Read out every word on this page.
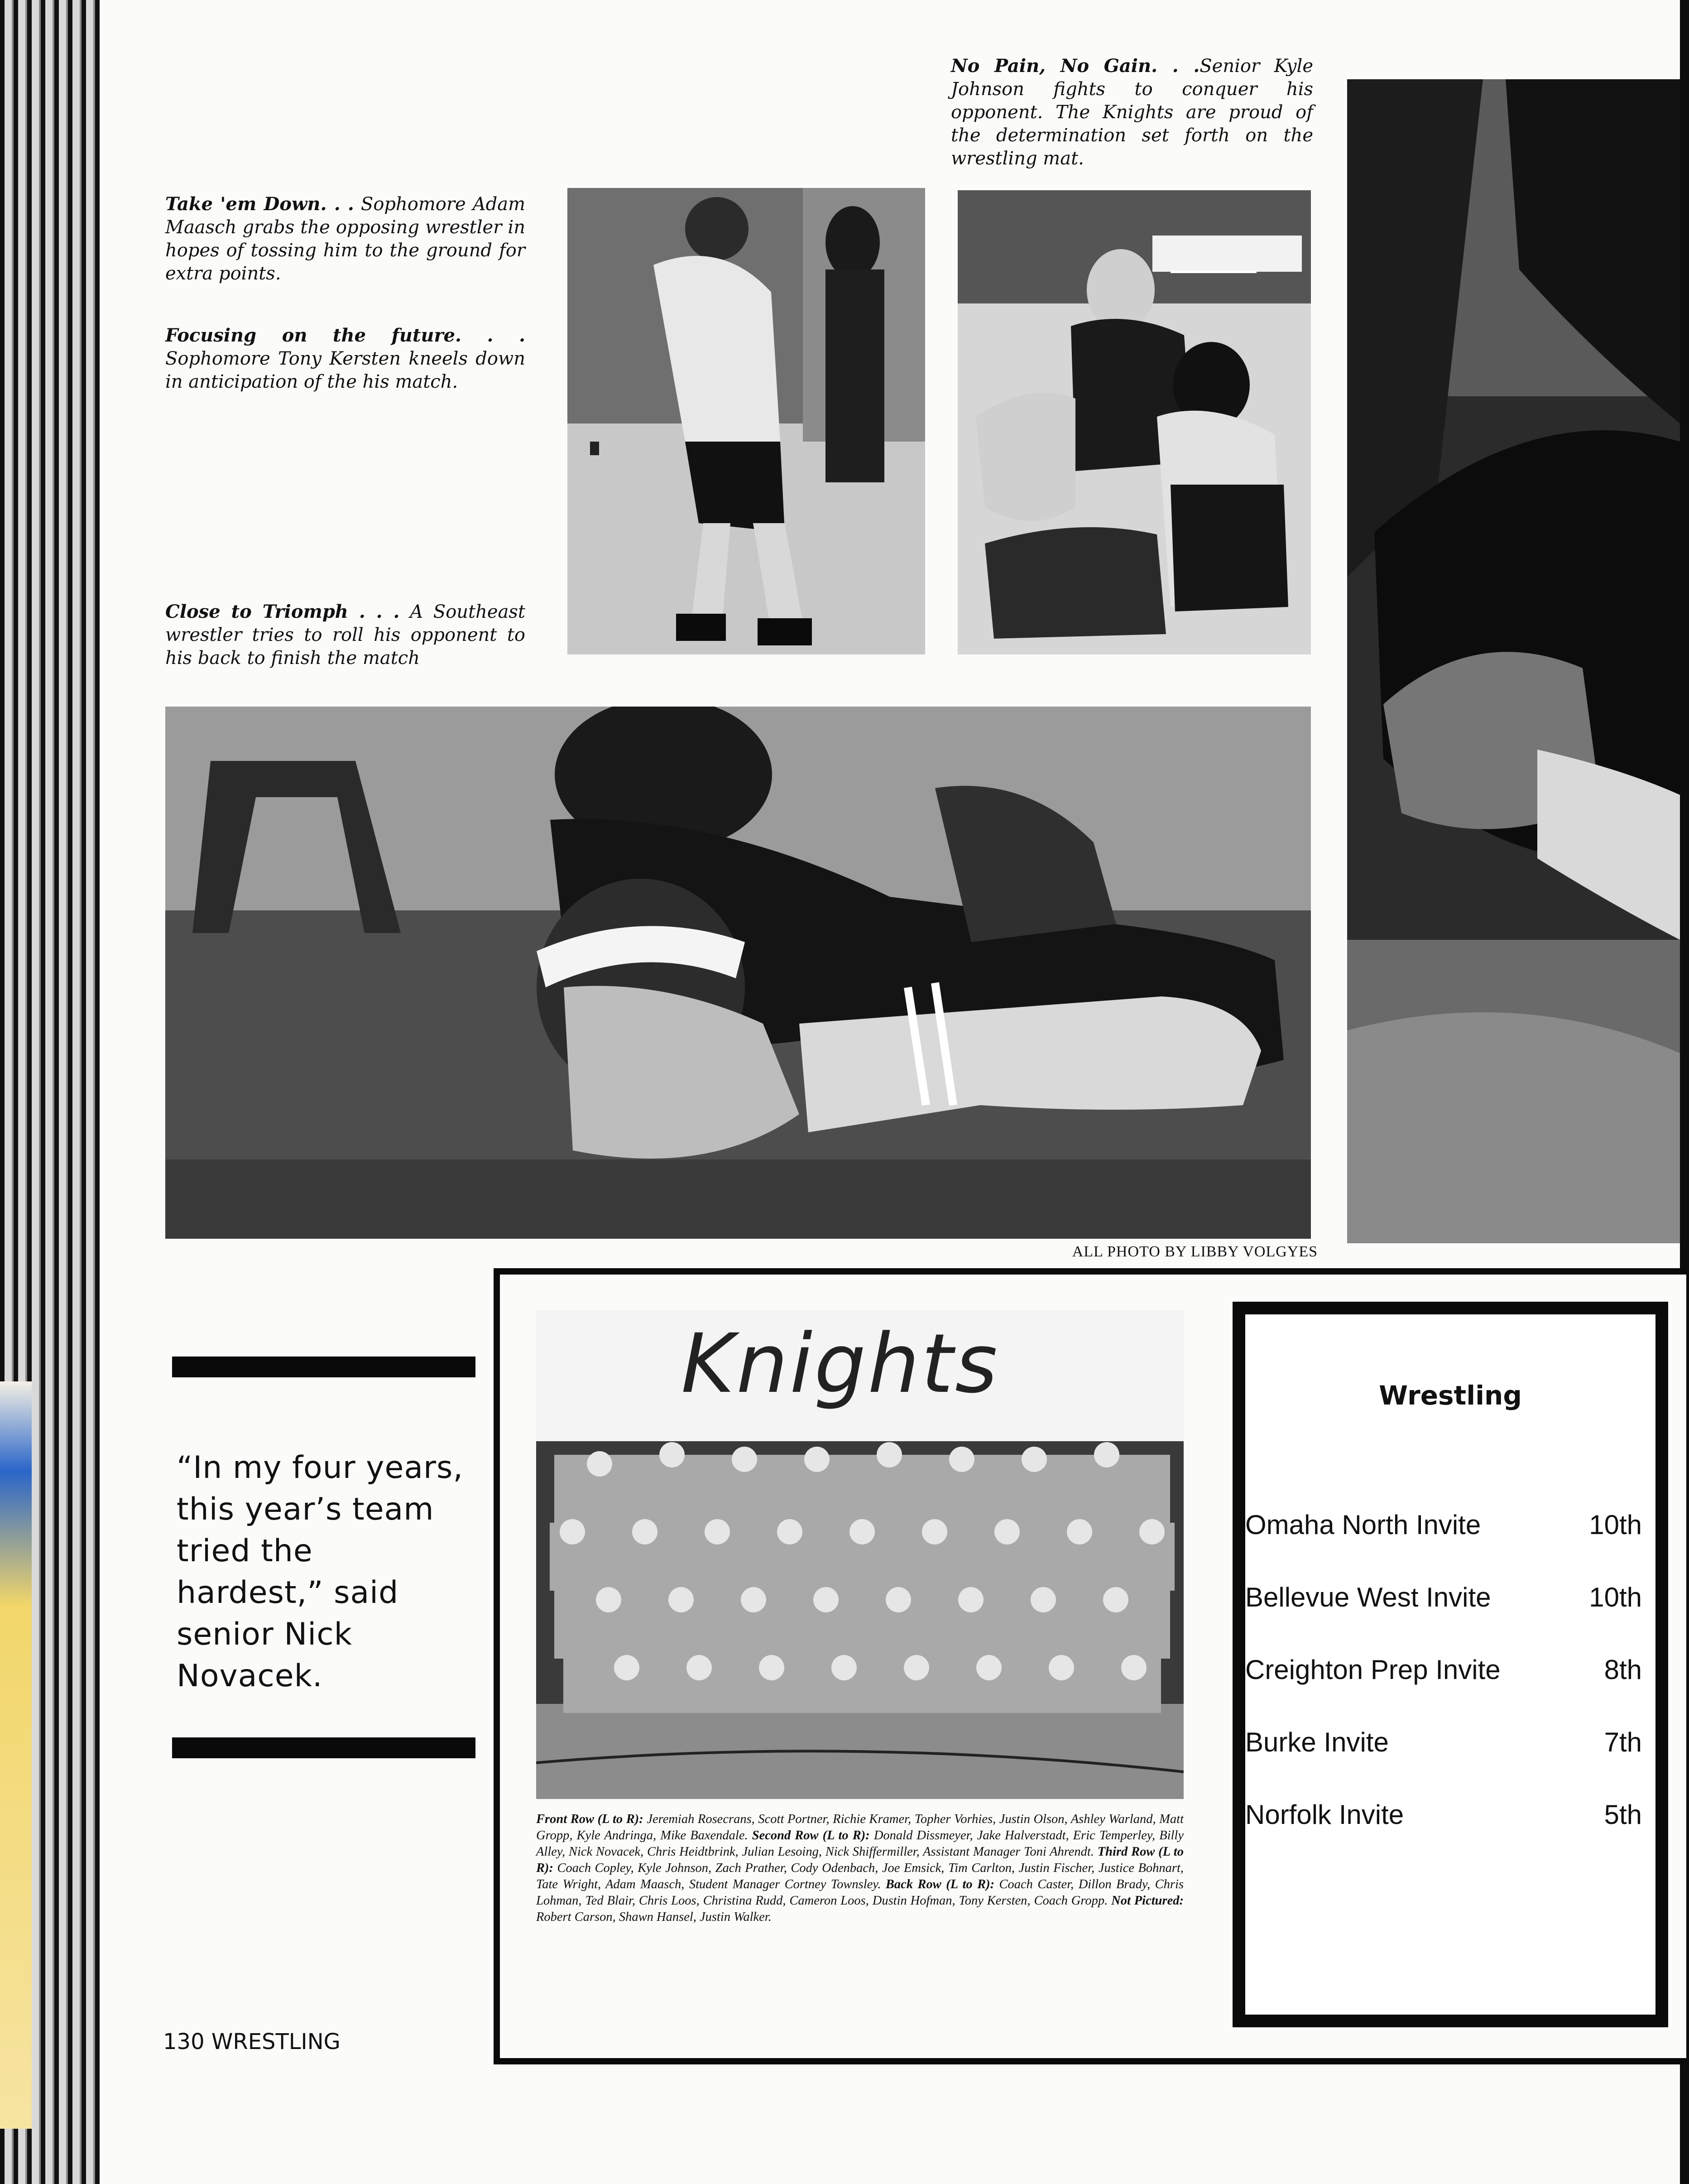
No Pain, No Gain. . .Senior Kyle Johnson fights to conquer his opponent. The Knights are proud of the determination set forth on the wrestling mat.
Take 'em Down. . . Sophomore Adam Maasch grabs the opposing wrestler in hopes of tossing him to the ground for extra points.
Focusing on the future. . . Sophomore Tony Kersten kneels down in anticipation of the his match.
Close to Triomph . . . A Southeast wrestler tries to roll his opponent to his back to finish the match
ALL PHOTO BY LIBBY VOLGYES
“In my four years, this year’s team tried the hardest,” said senior Nick Novacek.
Knights
Front Row (L to R): Jeremiah Rosecrans, Scott Portner, Richie Kramer, Topher Vorhies, Justin Olson, Ashley Warland, Matt Gropp, Kyle Andringa, Mike Baxendale. Second Row (L to R): Donald Dissmeyer, Jake Halverstadt, Eric Temperley, Billy Alley, Nick Novacek, Chris Heidtbrink, Julian Lesoing, Nick Shiffermiller, Assistant Manager Toni Ahrendt. Third Row (L to R): Coach Copley, Kyle Johnson, Zach Prather, Cody Odenbach, Joe Emsick, Tim Carlton, Justin Fischer, Justice Bohnart, Tate Wright, Adam Maasch, Student Manager Cortney Townsley. Back Row (L to R): Coach Caster, Dillon Brady, Chris Lohman, Ted Blair, Chris Loos, Christina Rudd, Cameron Loos, Dustin Hofman, Tony Kersten, Coach Gropp. Not Pictured: Robert Carson, Shawn Hansel, Justin Walker.
Wrestling
Omaha North Invite	10th
Bellevue West Invite	10th
Creighton Prep Invite	8th
Burke Invite	7th
Norfolk Invite	5th
130 WRESTLING
